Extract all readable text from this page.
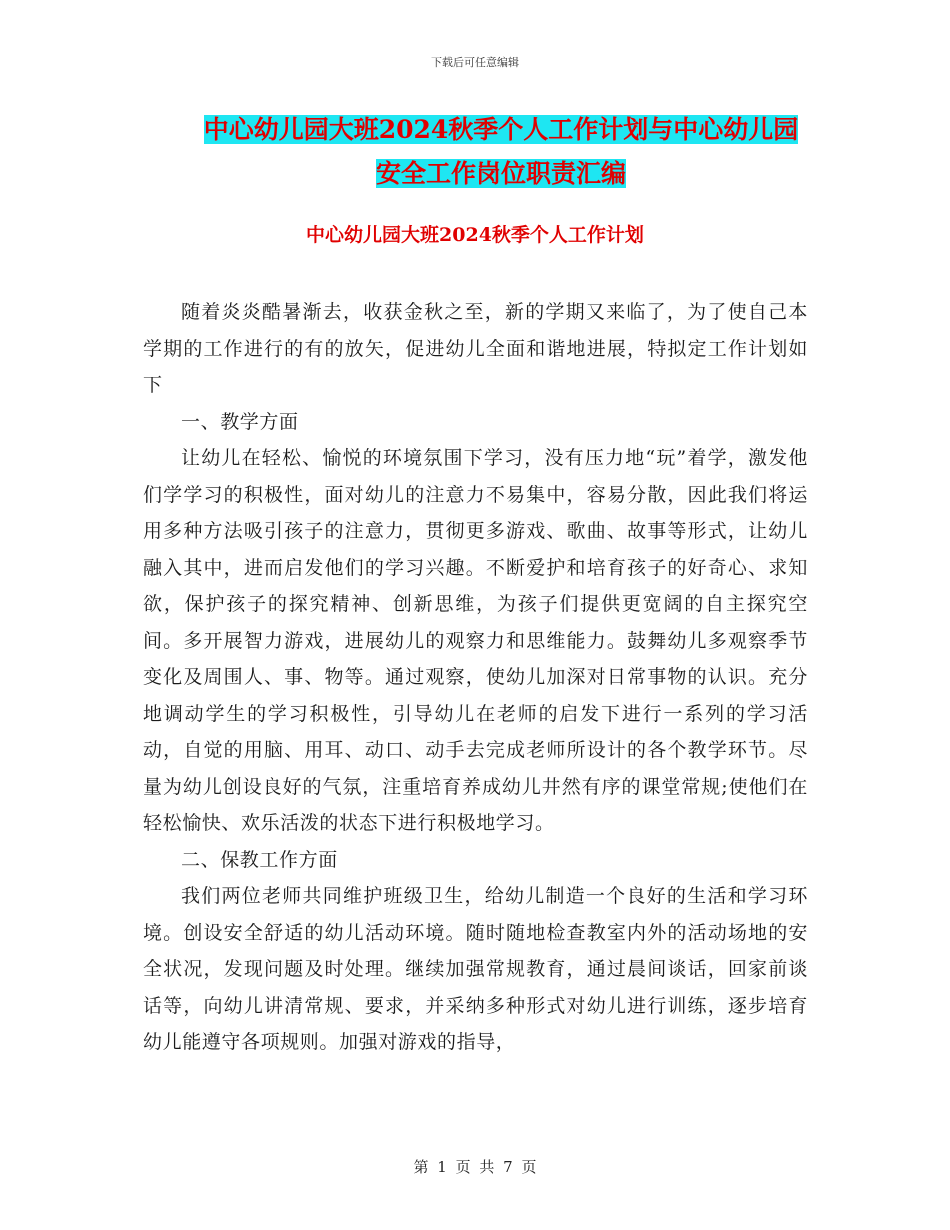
下载后可任意编辑
中心幼儿园大班2024秋季个人工作计划与中心幼儿园
安全工作岗位职责汇编
中心幼儿园大班2024秋季个人工作计划

随着炎炎酷暑渐去，收获金秋之至，新的学期又来临了，为了使自己本学期的工作进行的有的放矢，促进幼儿全面和谐地进展，特拟定工作计划如下

一、教学方面

让幼儿在轻松、愉悦的环境氛围下学习，没有压力地“玩”着学，激发他们学学习的积极性，面对幼儿的注意力不易集中，容易分散，因此我们将运用多种方法吸引孩子的注意力，贯彻更多游戏、歌曲、故事等形式，让幼儿融入其中，进而启发他们的学习兴趣。不断爱护和培育孩子的好奇心、求知欲，保护孩子的探究精神、创新思维，为孩子们提供更宽阔的自主探究空间。多开展智力游戏，进展幼儿的观察力和思维能力。鼓舞幼儿多观察季节变化及周围人、事、物等。通过观察，使幼儿加深对日常事物的认识。充分地调动学生的学习积极性，引导幼儿在老师的启发下进行一系列的学习活动，自觉的用脑、用耳、动口、动手去完成老师所设计的各个教学环节。尽量为幼儿创设良好的气氛，注重培育养成幼儿井然有序的课堂常规;使他们在轻松愉快、欢乐活泼的状态下进行积极地学习。

二、保教工作方面

我们两位老师共同维护班级卫生，给幼儿制造一个良好的生活和学习环境。创设安全舒适的幼儿活动环境。随时随地检查教室内外的活动场地的安全状况，发现问题及时处理。继续加强常规教育，通过晨间谈话，回家前谈话等，向幼儿讲清常规、要求，并采纳多种形式对幼儿进行训练，逐步培育幼儿能遵守各项规则。加强对游戏的指导，

第 1 页 共 7 页
